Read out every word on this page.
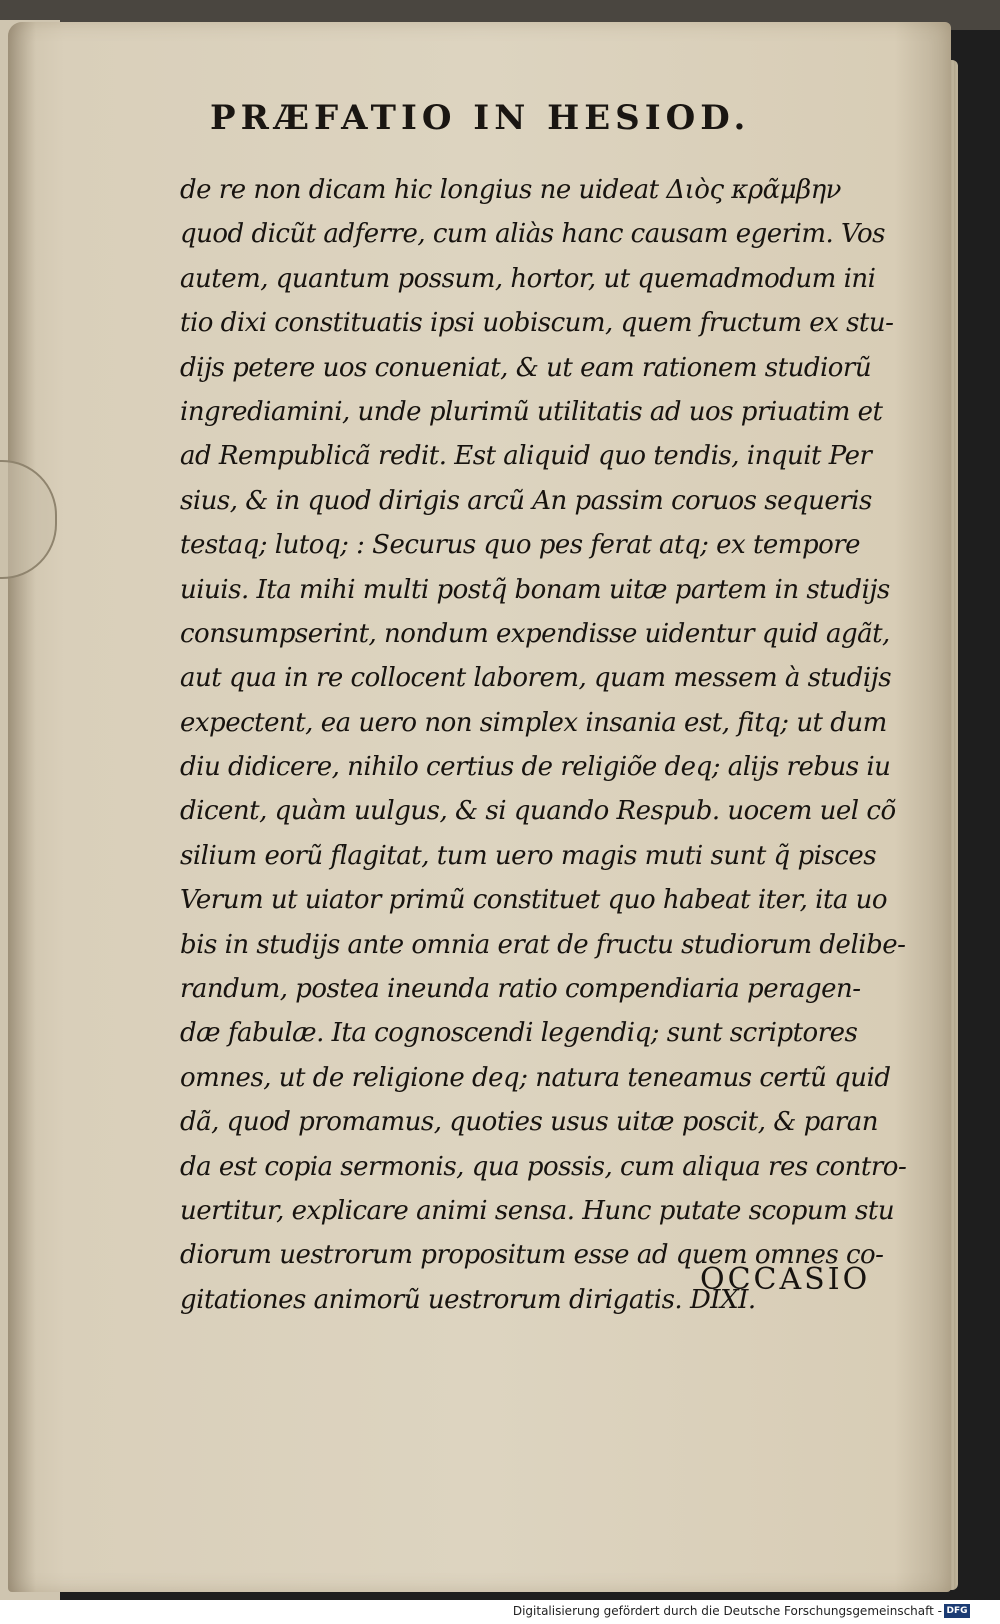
PRÆFATIO IN HESIOD.
de re non dicam hic longius ne uideat Διὸς κρᾶμβην
quod dicũt adferre, cum aliàs hanc causam egerim. Vos
autem, quantum possum, hortor, ut quemadmodum ini
tio dixi constituatis ipsi uobiscum, quem fructum ex stu-
dijs petere uos conueniat, & ut eam rationem studiorũ
ingrediamini, unde plurimũ utilitatis ad uos priuatim et
ad Rempublicã redit. Est aliquid quo tendis, inquit Per
sius, & in quod dirigis arcũ An passim coruos sequeris
testaq; lutoq; : Securus quo pes ferat atq; ex tempore
uiuis. Ita mihi multi postq̃ bonam uitæ partem in studijs
consumpserint, nondum expendisse uidentur quid agãt,
aut qua in re collocent laborem, quam messem à studijs
expectent, ea uero non simplex insania est, fitq; ut dum
diu didicere, nihilo certius de religiõe deq; alijs rebus iu
dicent, quàm uulgus, & si quando Respub. uocem uel cõ
silium eorũ flagitat, tum uero magis muti sunt q̃ pisces
Verum ut uiator primũ constituet quo habeat iter, ita uo
bis in studijs ante omnia erat de fructu studiorum delibe-
randum, postea ineunda ratio compendiaria peragen-
dæ fabulæ. Ita cognoscendi legendiq; sunt scriptores
omnes, ut de religione deq; natura teneamus certũ quid
dã, quod promamus, quoties usus uitæ poscit, & paran
da est copia sermonis, qua possis, cum aliqua res contro-
uertitur, explicare animi sensa. Hunc putate scopum stu
diorum uestrorum propositum esse ad quem omnes co-
gitationes animorũ uestrorum dirigatis. DIXI.

OCCASIO

Digitalisierung gefördert durch die Deutsche Forschungsgemeinschaft - DFG
